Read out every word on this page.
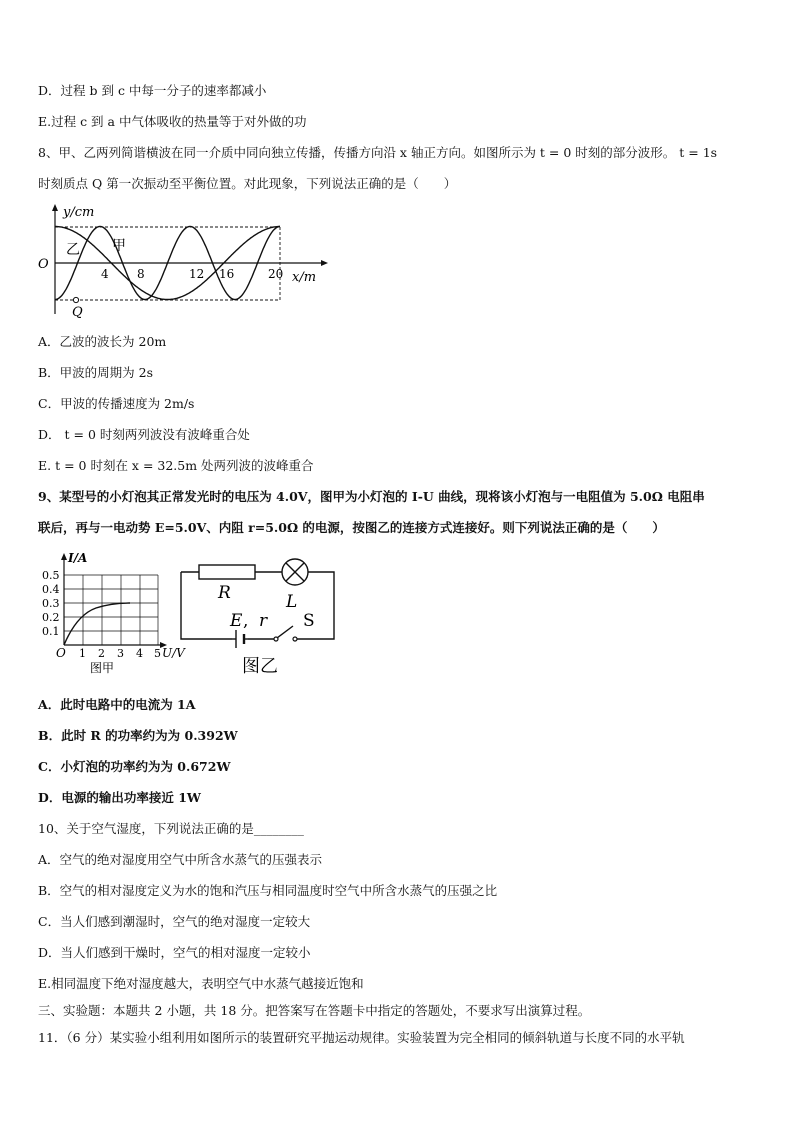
D．过程 b 到 c 中每一分子的速率都减小
E.过程 c 到 a 中气体吸收的热量等于对外做的功
8、甲、乙两列简谐横波在同一介质中同向独立传播，传播方向沿 x 轴正方向。如图所示为 t = 0 时刻的部分波形。 t = 1s
时刻质点 Q 第一次振动至平衡位置。对此现象，下列说法正确的是（　　）
y/cm
O
x/m
乙 甲
4 8	12 16	20
Q
A．乙波的波长为 20m
B．甲波的周期为 2s
C．甲波的传播速度为 2m/s
D． t = 0 时刻两列波没有波峰重合处
E. t = 0 时刻在 x = 32.5m 处两列波的波峰重合
9、某型号的小灯泡其正常发光时的电压为 4.0V，图甲为小灯泡的 I-U 曲线，现将该小灯泡与一电阻值为 5.0Ω 电阻串
联后，再与一电动势 E=5.0V、内阻 r=5.0Ω 的电源，按图乙的连接方式连接好。则下列说法正确的是（　　）
I/A
0.5
0.4
0.3
0.2
0.1
O 1 2 3 4 5 U/V
图甲
R	L
E , r S
图乙
A．此时电路中的电流为 1A
B．此时 R 的功率约为为 0.392W
C．小灯泡的功率约为为 0.672W
D．电源的输出功率接近 1W
10、关于空气湿度，下列说法正确的是________
A．空气的绝对湿度用空气中所含水蒸气的压强表示
B．空气的相对湿度定义为水的饱和汽压与相同温度时空气中所含水蒸气的压强之比
C．当人们感到潮湿时，空气的绝对湿度一定较大
D．当人们感到干燥时，空气的相对湿度一定较小
E.相同温度下绝对湿度越大，表明空气中水蒸气越接近饱和
三、实验题：本题共 2 小题，共 18 分。把答案写在答题卡中指定的答题处，不要求写出演算过程。
11．（6 分）某实验小组利用如图所示的装置研究平抛运动规律。实验装置为完全相同的倾斜轨道与长度不同的水平轨
